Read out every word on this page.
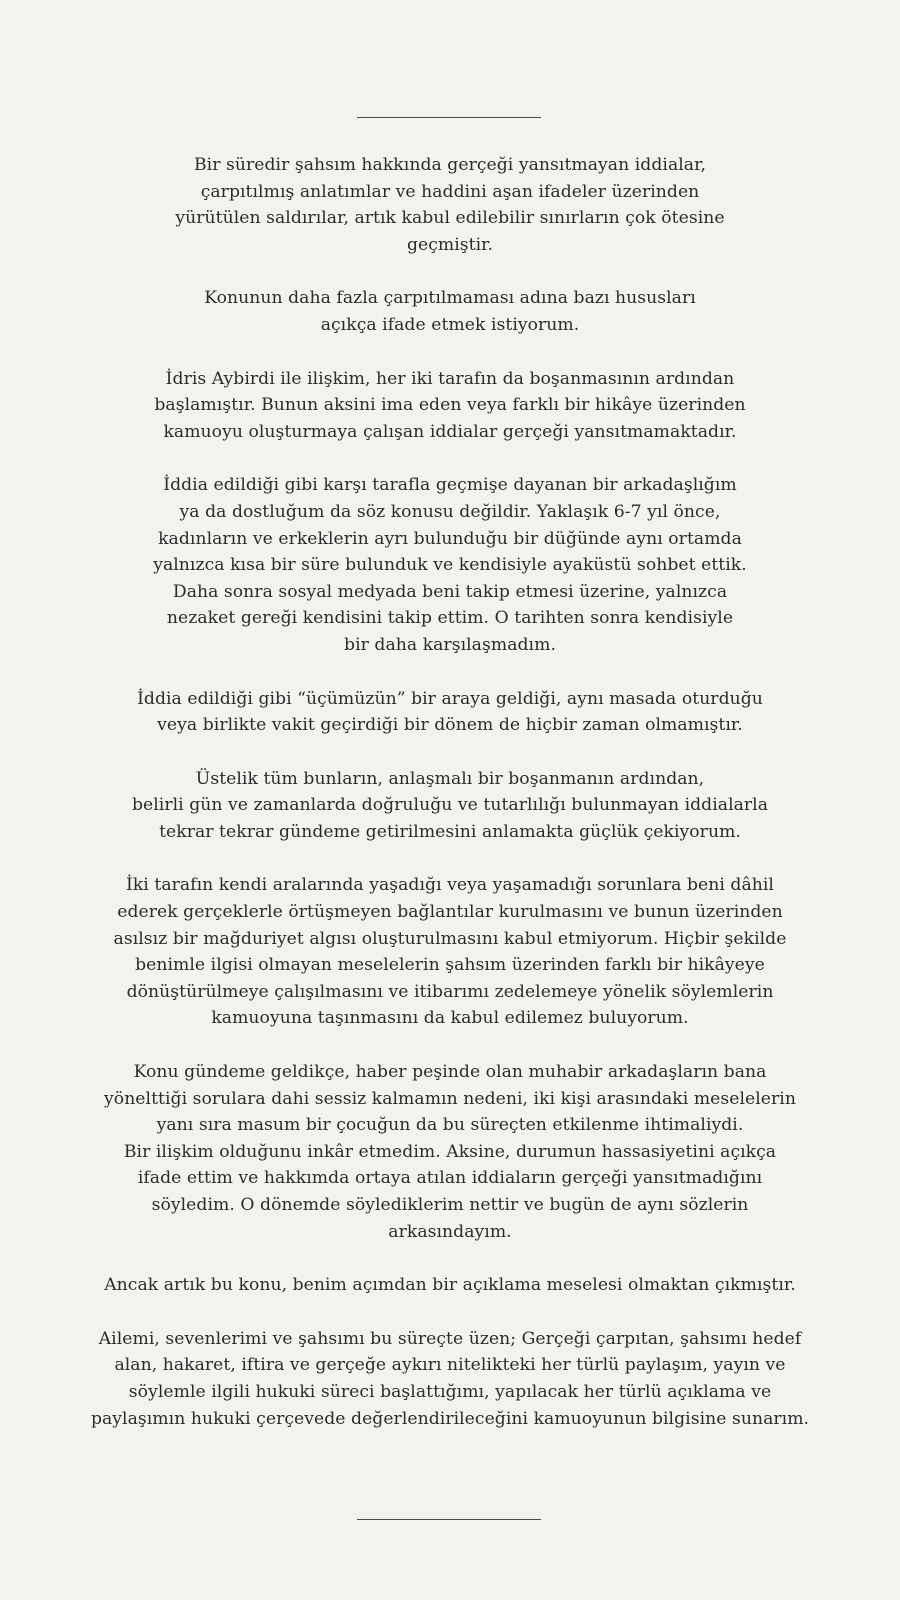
Bir süredir şahsım hakkında gerçeği yansıtmayan iddialar,
çarpıtılmış anlatımlar ve haddini aşan ifadeler üzerinden
yürütülen saldırılar, artık kabul edilebilir sınırların çok ötesine
geçmiştir.

Konunun daha fazla çarpıtılmaması adına bazı hususları
açıkça ifade etmek istiyorum.

İdris Aybirdi ile ilişkim, her iki tarafın da boşanmasının ardından
başlamıştır. Bunun aksini ima eden veya farklı bir hikâye üzerinden
kamuoyu oluşturmaya çalışan iddialar gerçeği yansıtmamaktadır.

İddia edildiği gibi karşı tarafla geçmişe dayanan bir arkadaşlığım
ya da dostluğum da söz konusu değildir. Yaklaşık 6-7 yıl önce,
kadınların ve erkeklerin ayrı bulunduğu bir düğünde aynı ortamda
yalnızca kısa bir süre bulunduk ve kendisiyle ayaküstü sohbet ettik.
Daha sonra sosyal medyada beni takip etmesi üzerine, yalnızca
nezaket gereği kendisini takip ettim. O tarihten sonra kendisiyle
bir daha karşılaşmadım.

İddia edildiği gibi “üçümüzün” bir araya geldiği, aynı masada oturduğu
veya birlikte vakit geçirdiği bir dönem de hiçbir zaman olmamıştır.

Üstelik tüm bunların, anlaşmalı bir boşanmanın ardından,
belirli gün ve zamanlarda doğruluğu ve tutarlılığı bulunmayan iddialarla
tekrar tekrar gündeme getirilmesini anlamakta güçlük çekiyorum.

İki tarafın kendi aralarında yaşadığı veya yaşamadığı sorunlara beni dâhil
ederek gerçeklerle örtüşmeyen bağlantılar kurulmasını ve bunun üzerinden
asılsız bir mağduriyet algısı oluşturulmasını kabul etmiyorum. Hiçbir şekilde
benimle ilgisi olmayan meselelerin şahsım üzerinden farklı bir hikâyeye
dönüştürülmeye çalışılmasını ve itibarımı zedelemeye yönelik söylemlerin
kamuoyuna taşınmasını da kabul edilemez buluyorum.

Konu gündeme geldikçe, haber peşinde olan muhabir arkadaşların bana
yönelttiği sorulara dahi sessiz kalmamın nedeni, iki kişi arasındaki meselelerin
yanı sıra masum bir çocuğun da bu süreçten etkilenme ihtimaliydi.
Bir ilişkim olduğunu inkâr etmedim. Aksine, durumun hassasiyetini açıkça
ifade ettim ve hakkımda ortaya atılan iddiaların gerçeği yansıtmadığını
söyledim. O dönemde söylediklerim nettir ve bugün de aynı sözlerin
arkasındayım.

Ancak artık bu konu, benim açımdan bir açıklama meselesi olmaktan çıkmıştır.

Ailemi, sevenlerimi ve şahsımı bu süreçte üzen; Gerçeği çarpıtan, şahsımı hedef
alan, hakaret, iftira ve gerçeğe aykırı nitelikteki her türlü paylaşım, yayın ve
söylemle ilgili hukuki süreci başlattığımı, yapılacak her türlü açıklama ve
paylaşımın hukuki çerçevede değerlendirileceğini kamuoyunun bilgisine sunarım.
